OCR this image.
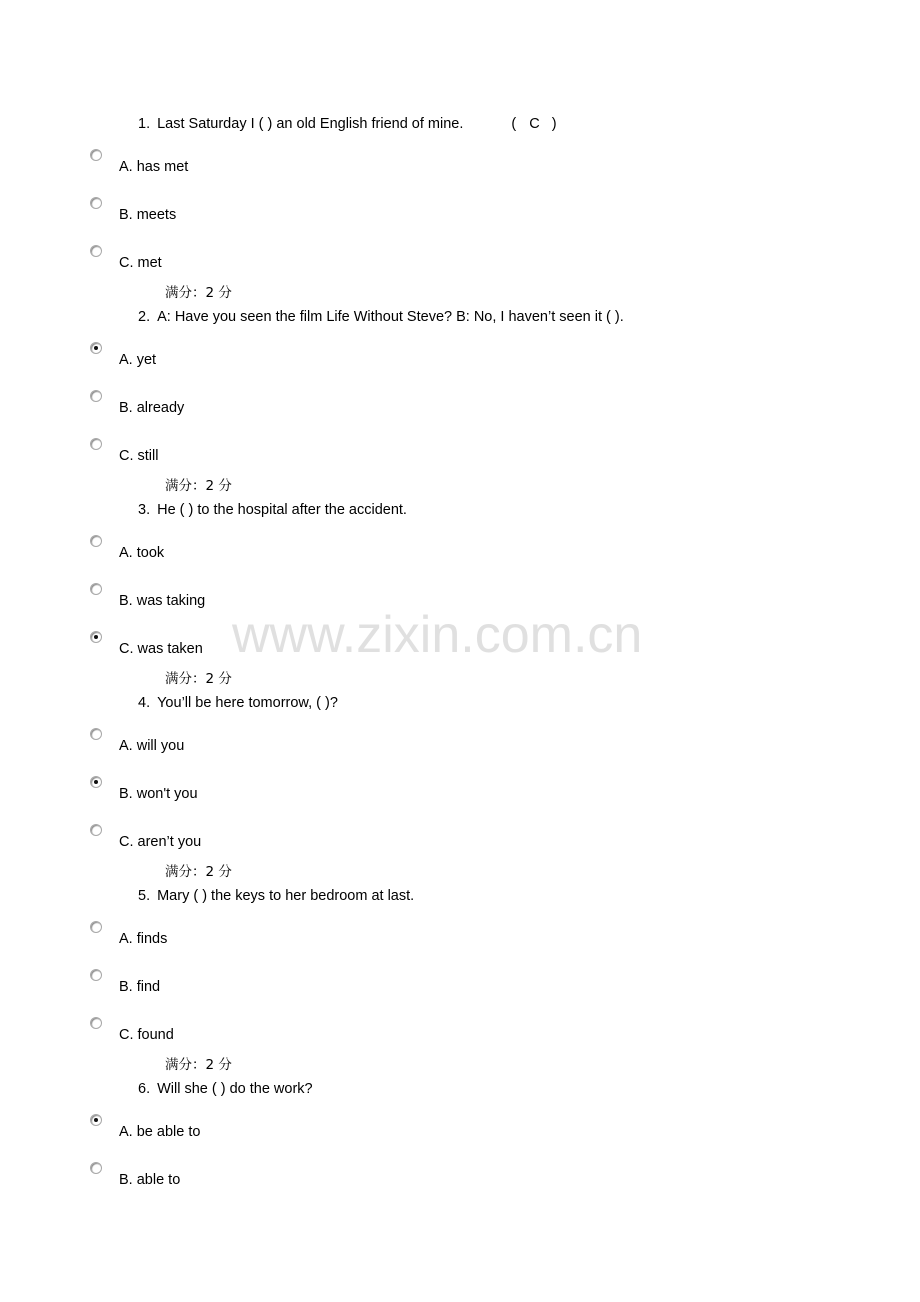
1. Last Saturday I ( ) an old English friend of mine.	( C )
A. has met
B. meets
C. met
满分：2 分
2. A: Have you seen the film Life Without Steve? B: No, I haven’t seen it ( ).
A. yet
B. already
C. still
满分：2 分
3. He ( ) to the hospital after the accident.
A. took
B. was taking
C. was taken
满分：2 分
4. You’ll be here tomorrow, ( )?
A. will you
B. won't you
C. aren’t you
满分：2 分
5. Mary ( ) the keys to her bedroom at last.
A. finds
B. find
C. found
满分：2 分
6. Will she ( ) do the work?
A. be able to
B. able to
www.zixin.com.cn
